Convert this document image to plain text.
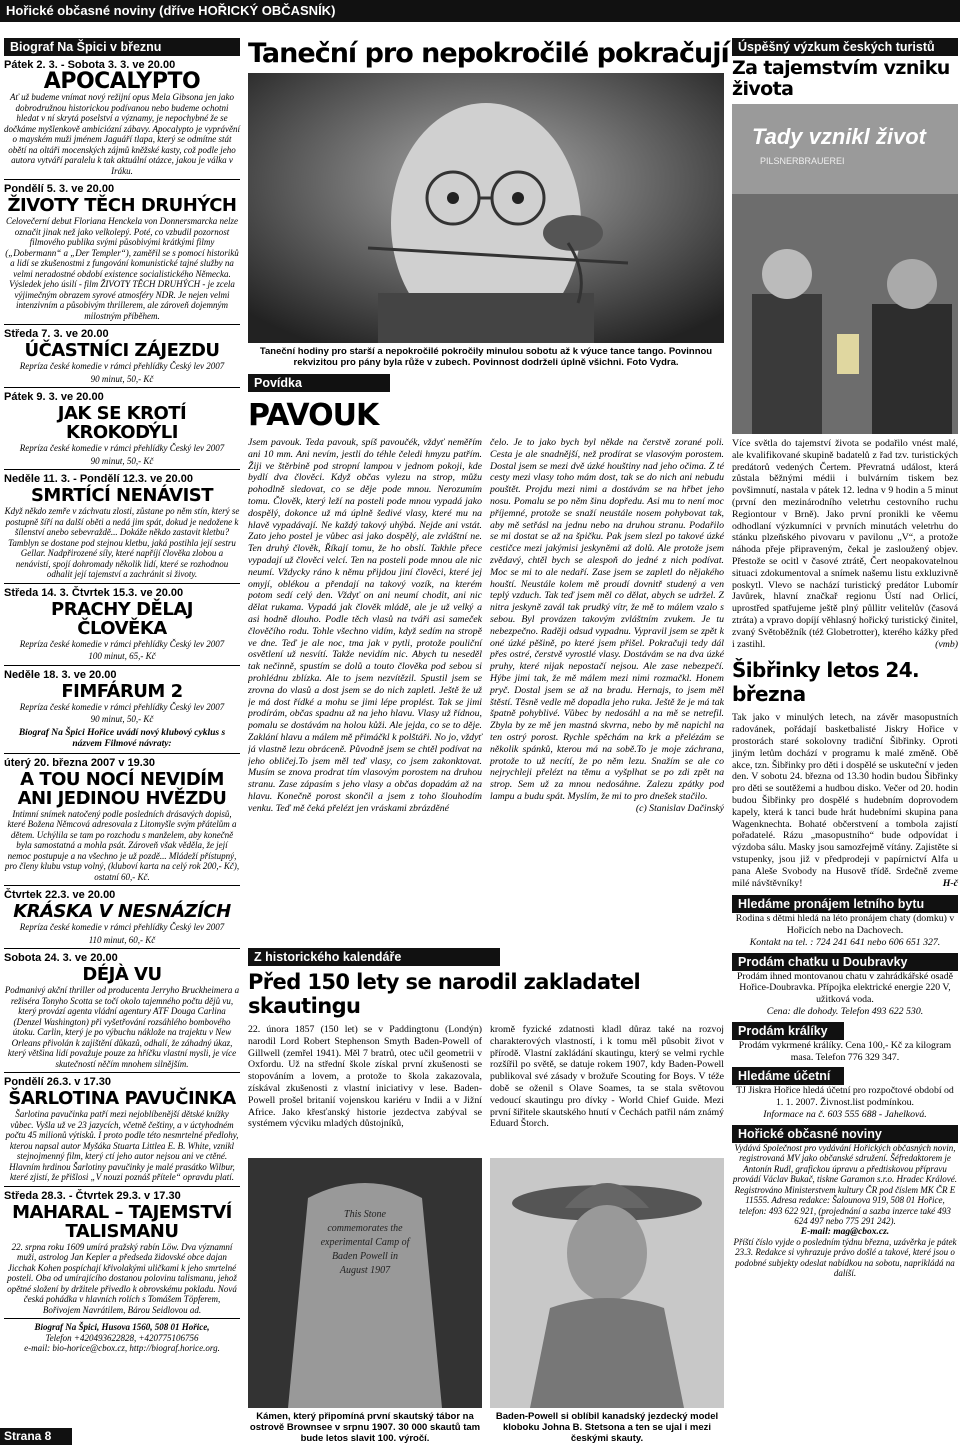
Hořické občasné noviny (dříve HOŘICKÝ OBČASNÍK)
Biograf Na Špici v březnu
Pátek 2. 3. - Sobota 3. 3. ve 20.00
APOCALYPTO
Ať už budeme vnímat nový režijní opus Mela Gibsona jen jako dobrodružnou historickou podívanou nebo budeme ochotni hledat v ní skrytá poselství a významy, je nepochybné že se dočkáme myšlenkově ambiciózní zábavy. Apocalypto je vyprávění o mayském muži jménem Jaguáří tlapa, který se odmítne stát obětí na oltáři mocenských zájmů kněžské kasty, což podle jeho autora vytváří paralelu k tak aktuální otázce, jakou je válka v Iráku.
Pondělí 5. 3. ve 20.00
ŽIVOTY TĚCH DRUHÝCH
Celovečerní debut Floriana Henckela von Donnersmarcka nelze označit jinak než jako velkolepý. Poté, co vzbudil pozornost filmového publika svými působivými krátkými filmy („Dobermann“ a „Der Templer“), zaměřil se s pomocí historiků a lidí se zkušenostmi z fungování komunistické tajné služby na velmi neradostné období existence socialistického Německa. Výsledek jeho úsilí - film ŽIVOTY TĚCH DRUHÝCH - je zcela výjimečným obrazem syrové atmosféry NDR. Je nejen velmi intenzivním a působivým thrillerem, ale zároveň dojemným milostným příběhem.
Středa 7. 3. ve 20.00
ÚČASTNÍCI ZÁJEZDU
Repríza české komedie v rámci přehlídky Český lev 2007
90 minut, 50,- Kč
Pátek 9. 3. ve 20.00
JAK SE KROTÍ KROKODÝLI
Repríza české komedie v rámci přehlídky Český lev 2007
90 minut, 50,- Kč
Neděle 11. 3. - Pondělí 12.3. ve 20.00
SMRTÍCÍ NENÁVIST
Když někdo zemře v záchvatu zlosti, zůstane po něm stín, který se postupně šíří na další oběti a nedá jim spát, dokud je nedožene k šílenství anebo sebevraždě... Dokáže někdo zastavit kletbu? Tamblyn se dostane pod stejnou kletbu, jaká postihla její sestru Gellar. Nadpřirozené síly, které napříjí člověka zlobou a nenávistí, spojí dohromady několik lidí, které se rozhodnou odhalit její tajemství a zachránit si životy.
Středa 14. 3. Čtvrtek 15.3. ve 20.00
PRACHY DĚLAJ ČLOVĚKA
Repríza české komedie v rámci přehlídky Český lev 2007
100 minut, 65,- Kč
Neděle 18. 3. ve 20.00
FIMFÁRUM 2
Repríza české komedie v rámci přehlídky Český lev 2007
90 minut, 50,- Kč
Biograf Na Špici Hořice uvádí nový klubový cyklus s názvem Filmové návraty:
úterý 20. března 2007 v 19.30
A TOU NOCÍ NEVIDÍM ANI JEDINOU HVĚZDU
Intimní snímek natočený podle posledních drásavých dopisů, které Božena Němcová adresovala z Litomyšle svým přátelům a dětem. Uchýlila se tam po rozchodu s manželem, aby konečně byla samostatná a mohla psát. Zároveň však věděla, že její nemoc postupuje a na všechno je už pozdě... Mládeží přístupný, pro členy klubu vstup volný, (kluboví karta na celý rok 200,- Kč), ostatní 60,- Kč.
Čtvrtek 22.3. ve 20.00
KRÁSKA V NESNÁZÍCH
Repríza české komedie v rámci přehlídky Český lev 2007
110 minut, 60,- Kč
Sobota 24. 3. ve 20.00
DÉJÀ VU
Podmanivý akční thriller od producenta Jerryho Bruckheimera a režiséra Tonyho Scotta se točí okolo tajemného počtu dějů vu, který provází agenta vládní agentury ATF Douga Carlina (Denzel Washington) při vyšetřování rozsáhlého bombového útoku. Carlin, který je po výbuchu náklože na trajektu v New Orleans přivolán k zajištění důkazů, odhalí, že záhadný úkaz, který většina lidí považuje pouze za hříčku vlastní mysli, je více skutečností něčím mnohem silnějším.
Pondělí 26.3. v 17.30
ŠARLOTINA PAVUČINKA
Šarlotina pavučinka patří mezi nejoblíbenější dětské knížky vůbec. Vyšla už ve 23 jazycích, včetně češtiny, a v úctyhodném počtu 45 milionů výtisků. I proto podle této nesmrtelné předlohy, kterou napsal autor Myšáka Stuarta Littlea E. B. White, vznikl stejnojmenný film, který ctí jeho autor nejsou ani ve ctěné. Hlavním hrdinou Šarlotiny pavučinky je malé prasátko Wilbur, které zjistí, že přišlosi „V nouzi poznáš přítele“ opravdu platí.
Středa 28.3. - Čtvrtek 29.3. v 17.30
MAHARAL – TAJEMSTVÍ TALISMANU
22. srpna roku 1609 umírá pražský rabín Löw. Dva významní muži, astrolog Jan Kepler a předseda židovské obce dajan Jicchak Kohen pospíchají křivolakými uličkami k jeho smrtelné posteli. Oba od umírajícího dostanou polovinu talismanu, jehož opětné složení by držitele přivedlo k obrovskému pokladu. Nová česká pohádka v hlavních rolích s Tomášem Töpferem, Bořivojem Navrátilem, Bárou Seidlovou ad.
Biograf Na Špici, Husova 1560, 508 01 Hořice,
Telefon +420493622828, +420775106756
e-mail: bio-horice@cbox.cz, http://biograf.horice.org.
Taneční pro nepokročilé pokračují
Taneční hodiny pro starší a nepokročilé pokročily minulou sobotu až k výuce tance tango. Povinnou rekvizitou pro pány byla růže v zubech. Povinnost dodrželi úplně všichni. Foto Vydra.
Povídka
PAVOUK
Jsem pavouk. Teda pavouk, spíš pavoučék, vždyť neměřím ani 10 mm. Ani nevím, jestli do téhle čeledi hmyzu patřím. Žiji ve štěrbině pod stropní lampou v jednom pokoji, kde bydlí dva člověci. Když občas vylezu na strop, můžu pohodlně sledovat, co se děje pode mnou. Nerozumím tomu. Člověk, který leží na posteli pode mnou vypadá jako dospělý, dokonce už má úplně šedivé vlasy, které mu na hlavě vypadávají. Ne každý takový uhýbá. Nejde ani vstát. Zato jeho postel je vůbec asi jako dospělý, ale zvláštní ne. Ten druhý člověk, Říkají tomu, že ho obslí. Takhle přece vypadají už člověci velcí. Ten na posteli pode mnou ale nic neumí. Vždycky ráno k němu přijdou jiní člověci, které jej omyjí, oblékou a přendají na takový vozík, na kterém potom sedí celý den. Vždyť on ani neumí chodit, ani nic dělat rukama. Vypadá jak člověk mládě, ale je už velký a asi hodně dlouho. Podle těch vlasů na tváři asi sameček člověčího rodu. Tohle všechno vidím, když sedím na stropě ve dne. Teď je ale noc, tma jak v pytli, protože pouliční osvětlení už nesvítí. Takže nevidím nic. Abych tu neseděl tak nečinně, spustím se dolů a touto člověka pod sebou si prohlédnu zblízka. Ale to jsem nezvítězil. Spustil jsem se zrovna do vlasů a dost jsem se do nich zapletl. Ještě že už je má dost řídké a mohu se jimi lépe proplést. Tak se jimi prodírám, občas spadnu až na jeho hlavu. Vlasy už řídnou, pomalu se dostávám na holou kůži. Ale jejda, co se to děje. Zaklání hlavu a málem mě přimáčkl k polštáři. No jo, vždyť já vlastně lezu obráceně. Původně jsem se chtěl podívat na jeho obličej.To jsem měl teď vlasy, co jsem zakonktovat. Musím se znova prodrat tím vlasovým porostem na druhou stranu. Zase zápasím s jeho vlasy a občas dopadám až na hlavu. Konečně porost skončil a jsem z toho šlouhodím venku. Teď mě čeká přelézt jen vráskami zbrázděné
čelo. Je to jako bych byl někde na čerstvě zorané poli. Cesta je ale snadnější, než prodírat se vlasovým porostem. Dostal jsem se mezi dvě úzké houštiny nad jeho očima. Z té cesty mezi vlasy toho mám dost, tak se do nich ani nebudu pouštět. Projdu mezi nimi a dostávám se na hřbet jeho nosu. Pomalu se po něm šinu dopředu. Asi mu to není moc příjemné, protože se snaží neustále nosem pohybovat tak, aby mě setřásl na jednu nebo na druhou stranu. Podařilo se mi dostat se až na špičku. Pak jsem slezl po takové úzké cestičce mezi jakýmisi jeskyněmi až dolů. Ale protože jsem zvědavý, chtěl bych se alespoň do jedné z nich podívat. Moc se mi to ale nedaří. Zase jsem se zapletl do nějakého houští. Neustále kolem mě proudí dovnitř studený a ven teplý vzduch. Tak teď jsem měl co dělat, abych se udržel. Z nitra jeskyně zavál tak prudký vítr, že mě to málem vzalo s sebou. Byl provázen takovým zvláštním zvukem. Je tu nebezpečno. Raději odsud vypadnu. Vypravil jsem se zpět k oné úzké pěšině, po které jsem přišel. Pokračuji tedy dál přes ostré, čerstvě vyrostlé vlasy. Dostávám se na dva úzké pruhy, které nijak nepostačí nejsou. Ale zase nebezpečí. Hýbe jimi tak, že mě málem mezi nimi rozmačkl. Honem pryč. Dostal jsem se až na bradu. Hernajs, to jsem měl štěstí. Těsně vedle mě dopadla jeho ruka. Ještě že je má tak špatně pohyblivé. Vůbec by nedosáhl a na mě se netrefil. Zbyla by ze mě jen mastná skvrna, nebo by mě napichl na ten ostrý porost. Rychle spěchám na krk a přelézám se několik spánků, kterou má na sobě.To je moje záchrana, protože to už necítí, že po něm lezu. Snažím se ale co nejrychleji přelézt na těmu a vyšplhat se po zdi zpět na strop. Sem už za mnou nedosáhne. Zalezu zpátky pod lampu a budu spát. Myslím, že mi to pro dnešek stačilo.
(c) Stanislav Dačinský
Z historického kalendáře
Před 150 lety se narodil zakladatel skautingu
22. února 1857 (150 let) se v Paddingtonu (Londýn) narodil Lord Robert Stephenson Smyth Baden-Powell of Gillwell (zemřel 1941). Měl 7 bratrů, otec učil geometrii v Oxfordu. Už na střední škole získal první zkušenosti se stopováním a lovem, a protože to škola zakazovala, získával zkušenosti z vlastní iniciativy v lese. Baden-Powell prošel britanií vojenskou kariéru v Indii a v Jižní Africe. Jako křesťanský historie jezdectva zabýval se systémem výcviku mladých důstojníků,
kromě fyzické zdatnosti kladl důraz také na rozvoj charakterových vlastností, i k tomu měl působit život v přírodě. Vlastní zakládání skautingu, který se velmi rychle rozšířil po světě, se datuje rokem 1907, kdy Baden-Powell publikoval své zásady v brožuře Scouting for Boys. V téže době se oženil s Olave Soames, ta se stala světovou vedoucí skautingu pro dívky - World Chief Guide. Mezi první šiřitele skautského hnutí v Čechách patřil nám známý Eduard Štorch.
This Stone commemorates the experimental Camp of Baden Powell in August 1907
Kámen, který připomíná první skautský tábor na ostrově Brownsee v srpnu 1907. 30 000 skautů tam bude letos slavit 100. výročí.
Baden-Powell si oblíbil kanadský jezdecký model kloboku Johna B. Stetsona a ten se ujal i mezi českými skauty.
Úspěšný výzkum českých turistů
Za tajemstvím vzniku života
Tady vznikl život
PILSNERBRAUEREI
Více světla do tajemství života se podařilo vnést malé, ale kvalifikované skupině badatelů z řad tzv. turistických predátorů vedených Čertem. Převratná událost, která zůstala běžnými médii i bulvárním tiskem bez povšimnutí, nastala v pátek 12. ledna v 9 hodin a 5 minut (první den mezinárodního veletrhu cestovního ruchu Regiontour v Brně). Jako první pronikli ke věemu odhodlaní výzkumníci v prvních minutách veletrhu do stánku plzeňského pivovaru v pavilonu „V“, a protože náhoda přeje připraveným, čekal je zasloužený objev. Přestože se ocitl v časové ztrátě, Čert neopakovatelnou situaci zdokumentoval a snímek našemu listu exkluzivně poskytl. Vlevo se nachází turistický predátor Lubomír Javůrek, hlavní značkař regionu Ústí nad Orlicí, uprostřed spatřujeme ještě plný půllitr velitelův (časová ztráta) a vpravo dopíjí věhlasný hořický turistický činitel, zvaný Světoběžník (též Globetrotter), kterého kážky před i zastihl.	(vmb)
Šibřinky letos 24. března
Tak jako v minulých letech, na závěr masopustních radovánek, pořádají basketbalisté Jiskry Hořice v prostorách staré sokolovny tradiční Šibřinky. Oproti jiným letům dochází v programu k malé změně. Obě akce, tzn. Šibřinky pro děti i dospělé se uskuteční v jeden den. V sobotu 24. března od 13.30 hodin budou Šibřinky pro děti se soutěžemi a hudbou disko. Večer od 20. hodin budou Šibřinky pro dospělé s hudebním doprovodem kapely, která k tanci bude hrát hudebními skupina pana Wagenknechta. Bohaté občerstvení a tombola zajistí pořadatelé. Rázu „masopustního“ bude odpovídat i výzdoba sálu. Masky jsou samozřejmě vítány. Zajistěte si vstupenky, jsou již v předprodeji v papírnictví Alfa u pana Aleše Svobody na Husově třídě. Srdečně zveme milé návštěvníky!	H-č
Hledáme pronájem letního bytu
Rodina s dětmi hledá na léto pronájem chaty (domku) v Hořicích nebo na Dachovech.
Kontakt na tel. : 724 241 641 nebo 606 651 327.
Prodám chatku u Doubravky
Prodám ihned montovanou chatu v zahrádkářské osadě Hořice-Doubravka. Přípojka elektrické energie 220 V, užitková voda.
Cena: dle dohody. Telefon 493 622 530.
Prodám králíky
Prodám vykrmené králíky. Cena 100,- Kč za kilogram masa. Telefon 776 329 347.
Hledáme účetní
TJ Jiskra Hořice hledá účetní pro rozpočtové období od 1. 1. 2007. Živnost.list podmínkou.
Informace na č. 603 555 688 - Jahelková.
Hořické občasné noviny
Vydává Společnost pro vydávání Hořických občasných novin, registrovaná MV jako občanské sdružení. Šéfredaktorem je Antonín Rudl, grafickou úpravu a předtiskovou přípravu provádí Václav Bukač, tiskne Garamon s.r.o. Hradec Králové. Registrováno Ministerstvem kultury ČR pod číslem MK ČR E 11555. Adresa redakce: Šalounova 919, 508 01 Hořice, telefon: 493 622 921, (projednání a sazba inzerce také 493 624 497 nebo 775 291 242).
E-mail: mag@cbox.cz.
Příští číslo vyjde o posledním týdnu března, uzávěrka je pátek 23.3. Redakce si vyhrazuje právo došlé a takové, které jsou o podobné subjekty odeslat nabídkou na sobotu, naprikládá na dalíší.
Strana 8
